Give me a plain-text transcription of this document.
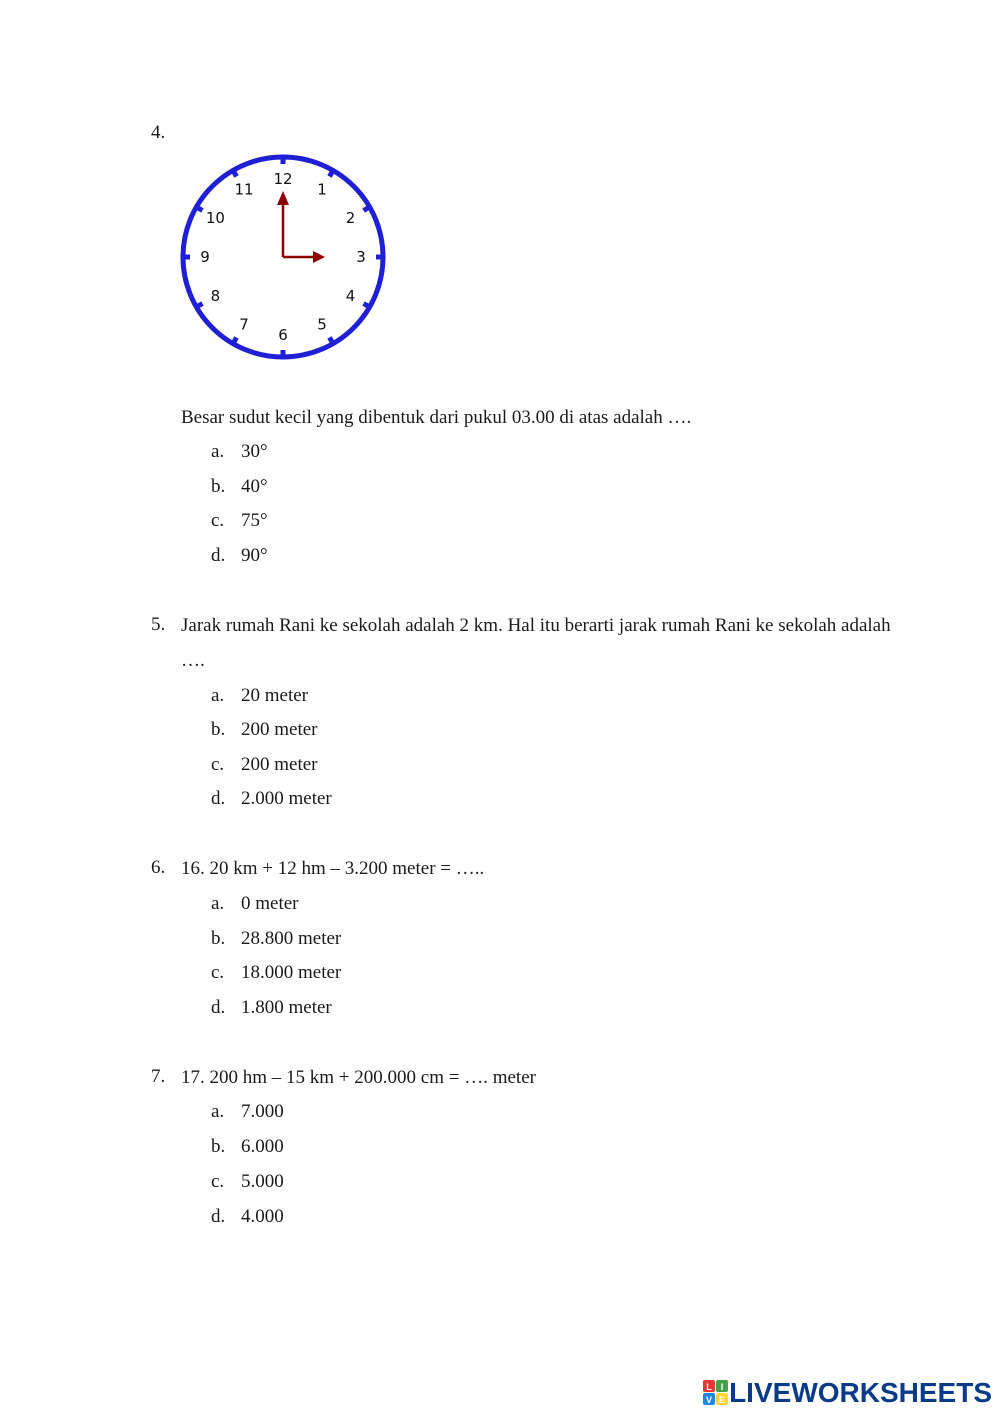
4.
12
1
2
3
4
5
6
7
8
9
10
11
Besar sudut kecil yang dibentuk dari pukul 03.00 di atas adalah ….
a. 30°
b. 40°
c. 75°
d. 90°
5. Jarak rumah Rani ke sekolah adalah 2 km. Hal itu berarti jarak rumah Rani ke sekolah adalah ….
a. 20 meter
b. 200 meter
c. 200 meter
d. 2.000 meter
6. 16. 20 km + 12 hm – 3.200 meter = …..
a. 0 meter
b. 28.800 meter
c. 18.000 meter
d. 1.800 meter
7. 17. 200 hm – 15 km + 200.000 cm = …. meter
a. 7.000
b. 6.000
c. 5.000
d. 4.000
L I
V E LIVEWORKSHEETS
